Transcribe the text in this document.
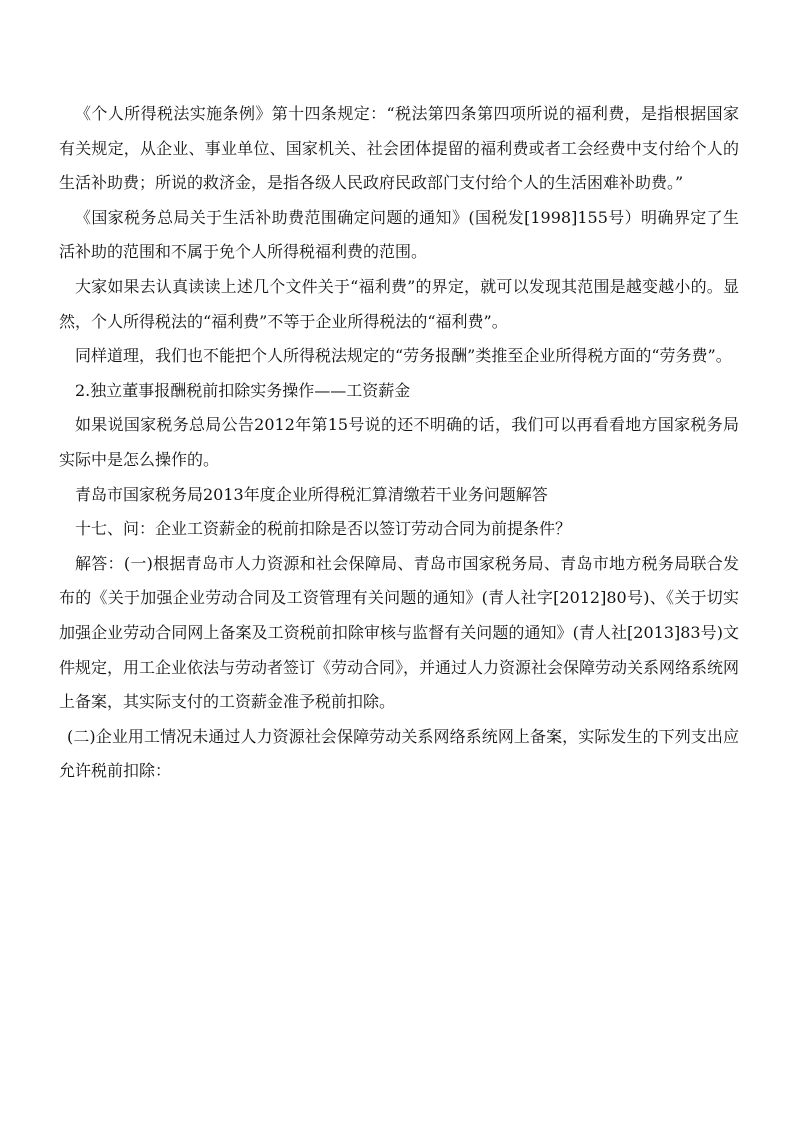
《个人所得税法实施条例》第十四条规定：“税法第四条第四项所说的福利费，是指根据国家有关规定，从企业、事业单位、国家机关、社会团体提留的福利费或者工会经费中支付给个人的生活补助费；所说的救济金，是指各级人民政府民政部门支付给个人的生活困难补助费。”

《国家税务总局关于生活补助费范围确定问题的通知》(国税发[1998]155号）明确界定了生活补助的范围和不属于免个人所得税福利费的范围。

大家如果去认真读读上述几个文件关于“福利费”的界定，就可以发现其范围是越变越小的。显然，个人所得税法的“福利费”不等于企业所得税法的“福利费”。

同样道理，我们也不能把个人所得税法规定的“劳务报酬”类推至企业所得税方面的“劳务费”。

2.独立董事报酬税前扣除实务操作——工资薪金

如果说国家税务总局公告2012年第15号说的还不明确的话，我们可以再看看地方国家税务局实际中是怎么操作的。

青岛市国家税务局2013年度企业所得税汇算清缴若干业务问题解答

十七、问：企业工资薪金的税前扣除是否以签订劳动合同为前提条件？

解答：(一)根据青岛市人力资源和社会保障局、青岛市国家税务局、青岛市地方税务局联合发布的《关于加强企业劳动合同及工资管理有关问题的通知》(青人社字[2012]80号)、《关于切实加强企业劳动合同网上备案及工资税前扣除审核与监督有关问题的通知》(青人社[2013]83号)文件规定，用工企业依法与劳动者签订《劳动合同》，并通过人力资源社会保障劳动关系网络系统网上备案，其实际支付的工资薪金准予税前扣除。

(二)企业用工情况未通过人力资源社会保障劳动关系网络系统网上备案，实际发生的下列支出应允许税前扣除：
